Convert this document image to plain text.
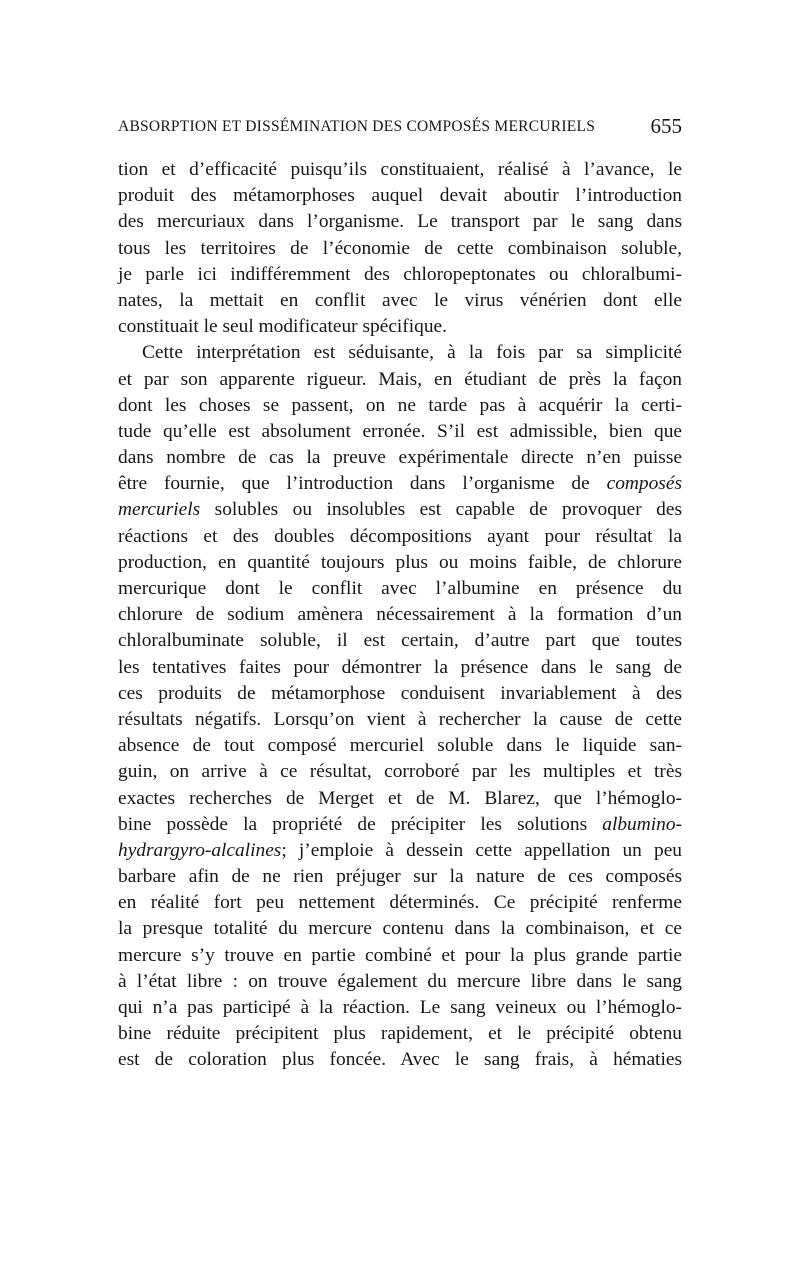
ABSORPTION ET DISSÉMINATION DES COMPOSÉS MERCURIELS	655
tion et d’efficacité puisqu’ils constituaient, réalisé à l’avance, le
produit des métamorphoses auquel devait aboutir l’introduction
des mercuriaux dans l’organisme. Le transport par le sang dans
tous les territoires de l’économie de cette combinaison soluble,
je parle ici indifféremment des chloropeptonates ou chloralbumi-
nates, la mettait en conflit avec le virus vénérien dont elle
constituait le seul modificateur spécifique.
Cette interprétation est séduisante, à la fois par sa simplicité
et par son apparente rigueur. Mais, en étudiant de près la façon
dont les choses se passent, on ne tarde pas à acquérir la certi-
tude qu’elle est absolument erronée. S’il est admissible, bien que
dans nombre de cas la preuve expérimentale directe n’en puisse
être fournie, que l’introduction dans l’organisme de composés
mercuriels solubles ou insolubles est capable de provoquer des
réactions et des doubles décompositions ayant pour résultat la
production, en quantité toujours plus ou moins faible, de chlorure
mercurique dont le conflit avec l’albumine en présence du
chlorure de sodium amènera nécessairement à la formation d’un
chloralbuminate soluble, il est certain, d’autre part que toutes
les tentatives faites pour démontrer la présence dans le sang de
ces produits de métamorphose conduisent invariablement à des
résultats négatifs. Lorsqu’on vient à rechercher la cause de cette
absence de tout composé mercuriel soluble dans le liquide san-
guin, on arrive à ce résultat, corroboré par les multiples et très
exactes recherches de Merget et de M. Blarez, que l’hémoglo-
bine possède la propriété de précipiter les solutions albumino-
hydrargyro-alcalines; j’emploie à dessein cette appellation un peu
barbare afin de ne rien préjuger sur la nature de ces composés
en réalité fort peu nettement déterminés. Ce précipité renferme
la presque totalité du mercure contenu dans la combinaison, et ce
mercure s’y trouve en partie combiné et pour la plus grande partie
à l’état libre : on trouve également du mercure libre dans le sang
qui n’a pas participé à la réaction. Le sang veineux ou l’hémoglo-
bine réduite précipitent plus rapidement, et le précipité obtenu
est de coloration plus foncée. Avec le sang frais, à hématies
